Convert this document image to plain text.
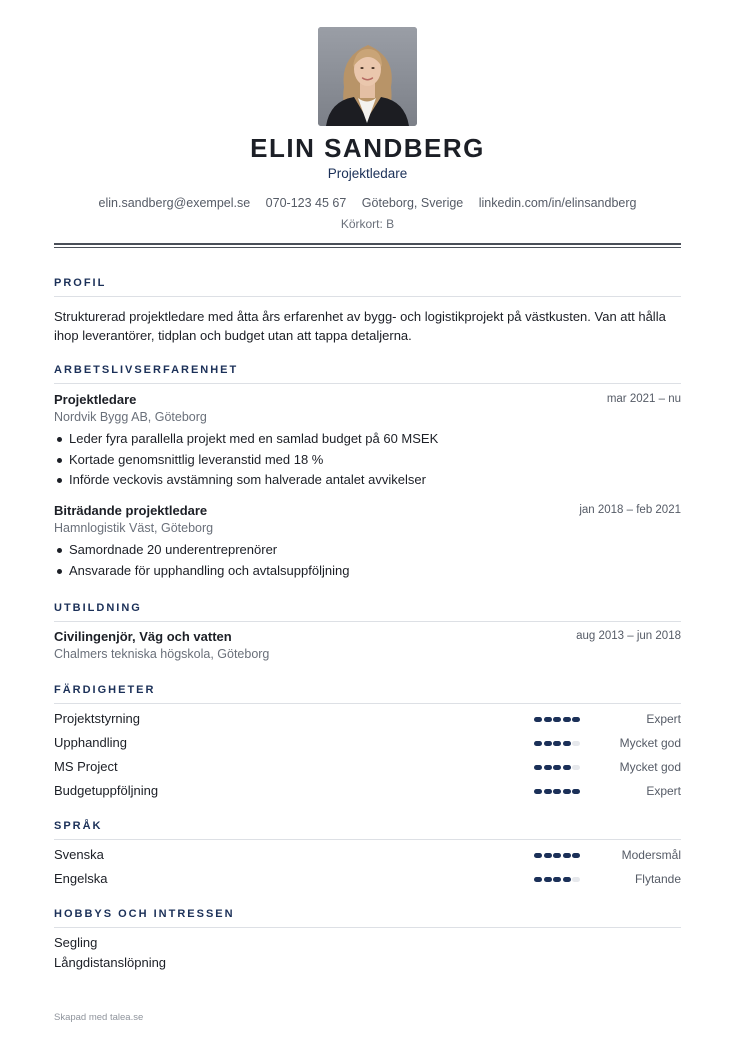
ELIN SANDBERG
Projektledare
elin.sandberg@exempel.se 070-123 45 67 Göteborg, Sverige linkedin.com/in/elinsandberg
Körkort: B
PROFIL
Strukturerad projektledare med åtta års erfarenhet av bygg- och logistikprojekt på västkusten. Van att hålla ihop leverantörer, tidplan och budget utan att tappa detaljerna.
ARBETSLIVSERFARENHET
Projektledare	mar 2021 – nu
Nordvik Bygg AB, Göteborg
Leder fyra parallella projekt med en samlad budget på 60 MSEK
Kortade genomsnittlig leveranstid med 18 %
Införde veckovis avstämning som halverade antalet avvikelser
Biträdande projektledare	jan 2018 – feb 2021
Hamnlogistik Väst, Göteborg
Samordnade 20 underentreprenörer
Ansvarade för upphandling och avtalsuppföljning
UTBILDNING
Civilingenjör, Väg och vatten	aug 2013 – jun 2018
Chalmers tekniska högskola, Göteborg
FÄRDIGHETER
Projektstyrning	Expert
Upphandling	Mycket god
MS Project	Mycket god
Budgetuppföljning	Expert
SPRÅK
Svenska	Modersmål
Engelska	Flytande
HOBBYS OCH INTRESSEN
Segling
Långdistanslöpning
Skapad med talea.se
